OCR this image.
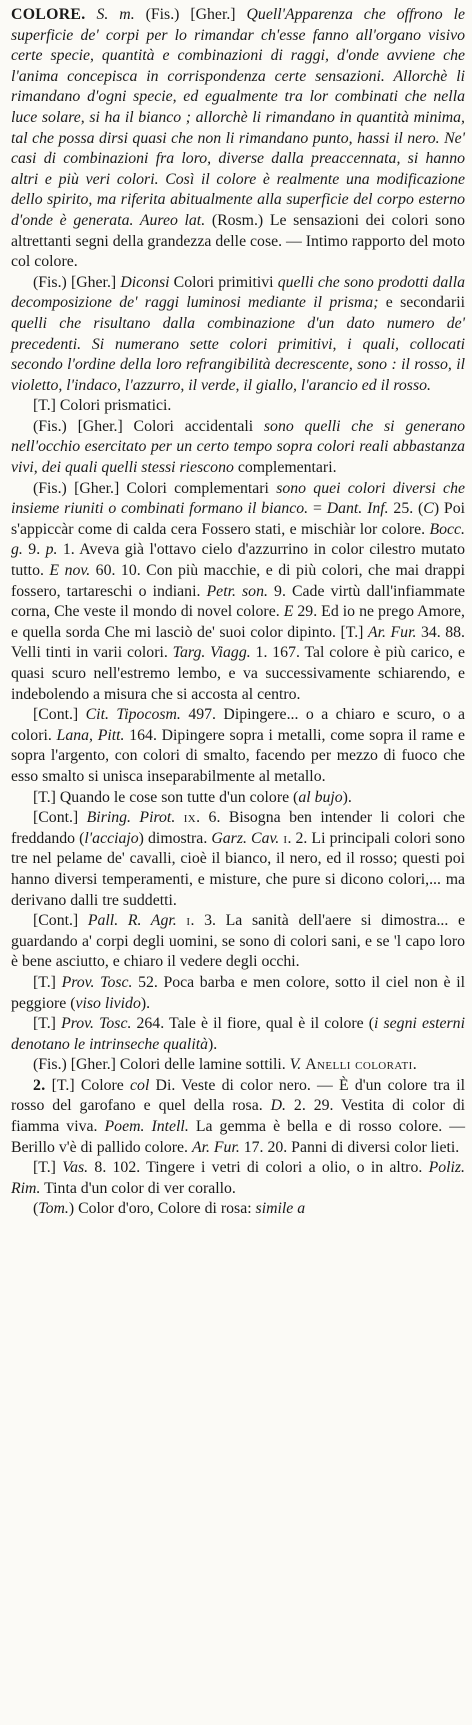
COLORE. S. m. (Fis.) [Gher.] Quell'Apparenza che offrono le superficie de' corpi per lo rimandar ch'esse fanno all'organo visivo certe specie, quantità e combinazioni di raggi, d'onde avviene che l'anima concepisca in corrispondenza certe sensazioni. Allorchè li rimandano d'ogni specie, ed egualmente tra lor combinati che nella luce solare, si ha il bianco ; allorchè li rimandano in quantità minima, tal che possa dirsi quasi che non li rimandano punto, hassi il nero. Ne' casi di combinazioni fra loro, diverse dalla preaccennata, si hanno altri e più veri colori. Così il colore è realmente una modificazione dello spirito, ma riferita abitualmente alla superficie del corpo esterno d'onde è generata. Aureo lat. (Rosm.) Le sensazioni dei colori sono altrettanti segni della grandezza delle cose. — Intimo rapporto del moto col colore.

(Fis.) [Gher.] Diconsi Colori primitivi quelli che sono prodotti dalla decomposizione de' raggi luminosi mediante il prisma; e secondarii quelli che risultano dalla combinazione d'un dato numero de' precedenti. Si numerano sette colori primitivi, i quali, collocati secondo l'ordine della loro refrangibilità decrescente, sono : il rosso, il violetto, l'indaco, l'azzurro, il verde, il giallo, l'arancio ed il rosso.

[T.] Colori prismatici.

(Fis.) [Gher.] Colori accidentali sono quelli che si generano nell'occhio esercitato per un certo tempo sopra colori reali abbastanza vivi, dei quali quelli stessi riescono complementari.

(Fis.) [Gher.] Colori complementari sono quei colori diversi che insieme riuniti o combinati formano il bianco. = Dant. Inf. 25. (C) Poi s'appiccàr come di calda cera Fossero stati, e mischiàr lor colore. Bocc. g. 9. p. 1. Aveva già l'ottavo cielo d'azzurrino in color cilestro mutato tutto. E nov. 60. 10. Con più macchie, e di più colori, che mai drappi fossero, tartareschi o indiani. Petr. son. 9. Cade virtù dall'infiammate corna, Che veste il mondo di novel colore. E 29. Ed io ne prego Amore, e quella sorda Che mi lasciò de' suoi color dipinto. [T.] Ar. Fur. 34. 88. Velli tinti in varii colori. Targ. Viagg. 1. 167. Tal colore è più carico, e quasi scuro nell'estremo lembo, e va successivamente schiarendo, e indebolendo a misura che si accosta al centro.

[Cont.] Cit. Tipocosm. 497. Dipingere... o a chiaro e scuro, o a colori. Lana, Pitt. 164. Dipingere sopra i metalli, come sopra il rame e sopra l'argento, con colori di smalto, facendo per mezzo di fuoco che esso smalto si unisca inseparabilmente al metallo.

[T.] Quando le cose son tutte d'un colore (al bujo).

[Cont.] Biring. Pirot. ix. 6. Bisogna ben intender li colori che freddando (l'acciajo) dimostra. Garz. Cav. i. 2. Li principali colori sono tre nel pelame de' cavalli, cioè il bianco, il nero, ed il rosso; questi poi hanno diversi temperamenti, e misture, che pure si dicono colori,... ma derivano dalli tre suddetti.

[Cont.] Pall. R. Agr. i. 3. La sanità dell'aere si dimostra... e guardando a' corpi degli uomini, se sono di colori sani, e se 'l capo loro è bene asciutto, e chiaro il vedere degli occhi.

[T.] Prov. Tosc. 52. Poca barba e men colore, sotto il ciel non è il peggiore (viso livido).

[T.] Prov. Tosc. 264. Tale è il fiore, qual è il colore (i segni esterni denotano le intrinseche qualità).

(Fis.) [Gher.] Colori delle lamine sottili. V. Anelli colorati.

2. [T.] Colore col Di. Veste di color nero. — È d'un colore tra il rosso del garofano e quel della rosa. D. 2. 29. Vestita di color di fiamma viva. Poem. Intell. La gemma è bella e di rosso colore. — Berillo v'è di pallido colore. Ar. Fur. 17. 20. Panni di diversi color lieti.

[T.] Vas. 8. 102. Tingere i vetri di colori a olio, o in altro. Poliz. Rim. Tinta d'un color di ver corallo.

(Tom.) Color d'oro, Colore di rosa: simile a
